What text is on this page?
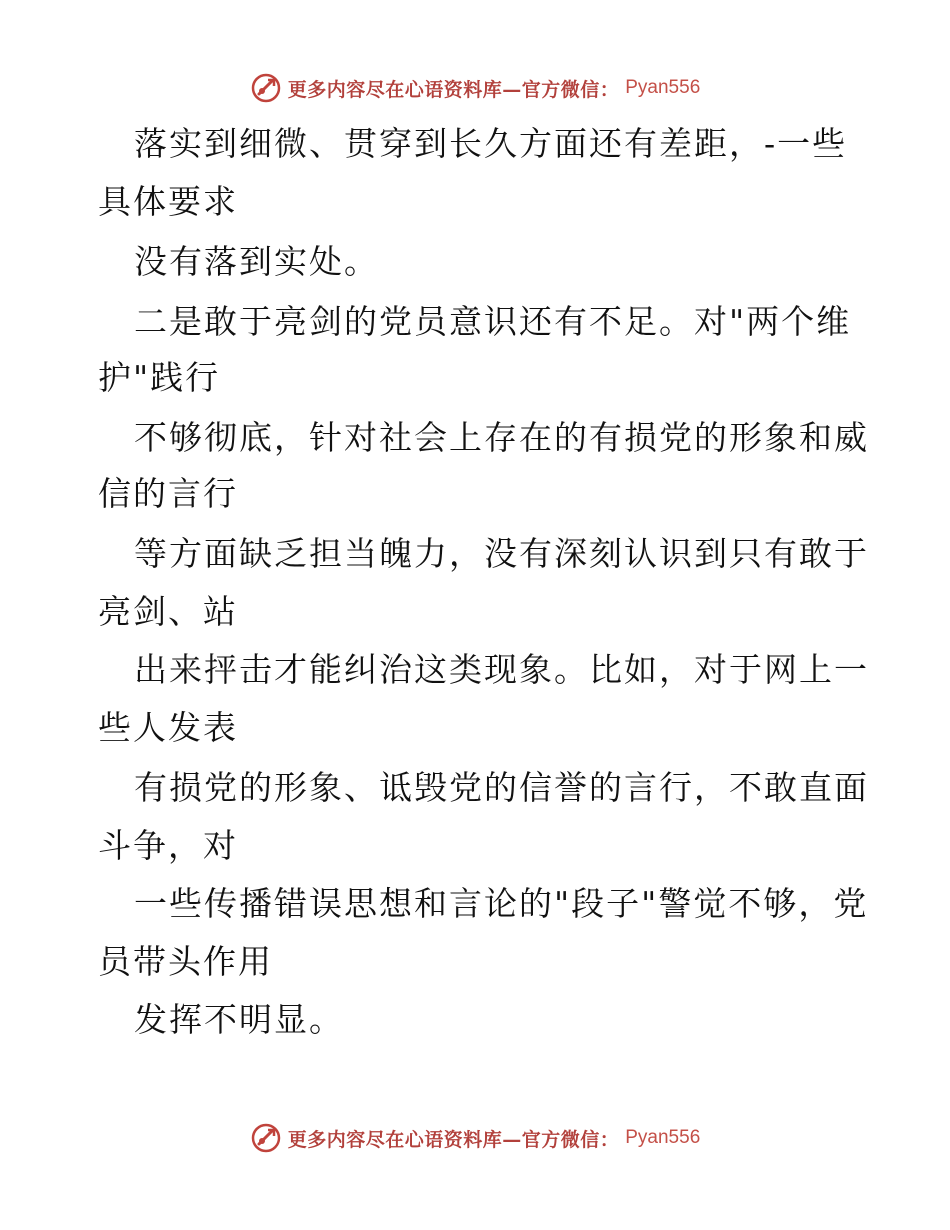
更多内容尽在心语资料库—官方微信： Pyan556
落实到细微、贯穿到长久方面还有差距，-一些
具体要求
没有落到实处。
二是敢于亮剑的党员意识还有不足。对"两个维
护"践行
不够彻底，针对社会上存在的有损党的形象和威
信的言行
等方面缺乏担当魄力，没有深刻认识到只有敢于
亮剑、站
出来抨击才能纠治这类现象。比如，对于网上一
些人发表
有损党的形象、诋毁党的信誉的言行，不敢直面
斗争，对
一些传播错误思想和言论的"段子"警觉不够，党
员带头作用
发挥不明显。
更多内容尽在心语资料库—官方微信： Pyan556
